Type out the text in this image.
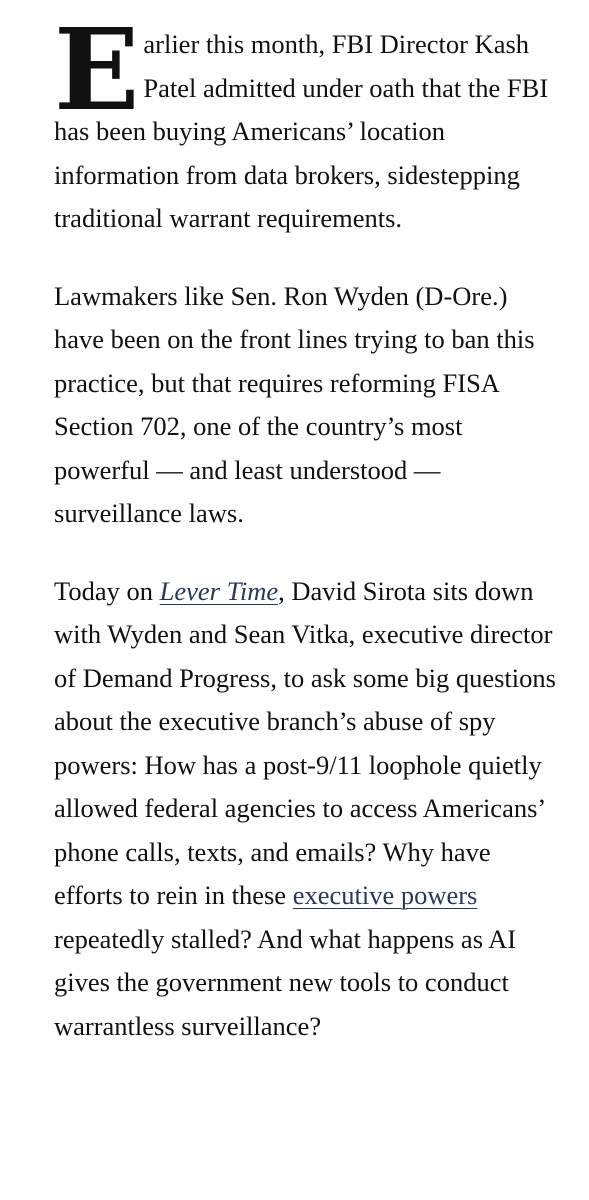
Earlier this month, FBI Director Kash Patel admitted under oath that the FBI has been buying Americans’ location information from data brokers, sidestepping traditional warrant requirements.

Lawmakers like Sen. Ron Wyden (D-Ore.) have been on the front lines trying to ban this practice, but that requires reforming FISA Section 702, one of the country’s most powerful — and least understood — surveillance laws.

Today on Lever Time, David Sirota sits down with Wyden and Sean Vitka, executive director of Demand Progress, to ask some big questions about the executive branch’s abuse of spy powers: How has a post-9/11 loophole quietly allowed federal agencies to access Americans’ phone calls, texts, and emails? Why have efforts to rein in these executive powers repeatedly stalled? And what happens as AI gives the government new tools to conduct warrantless surveillance?
